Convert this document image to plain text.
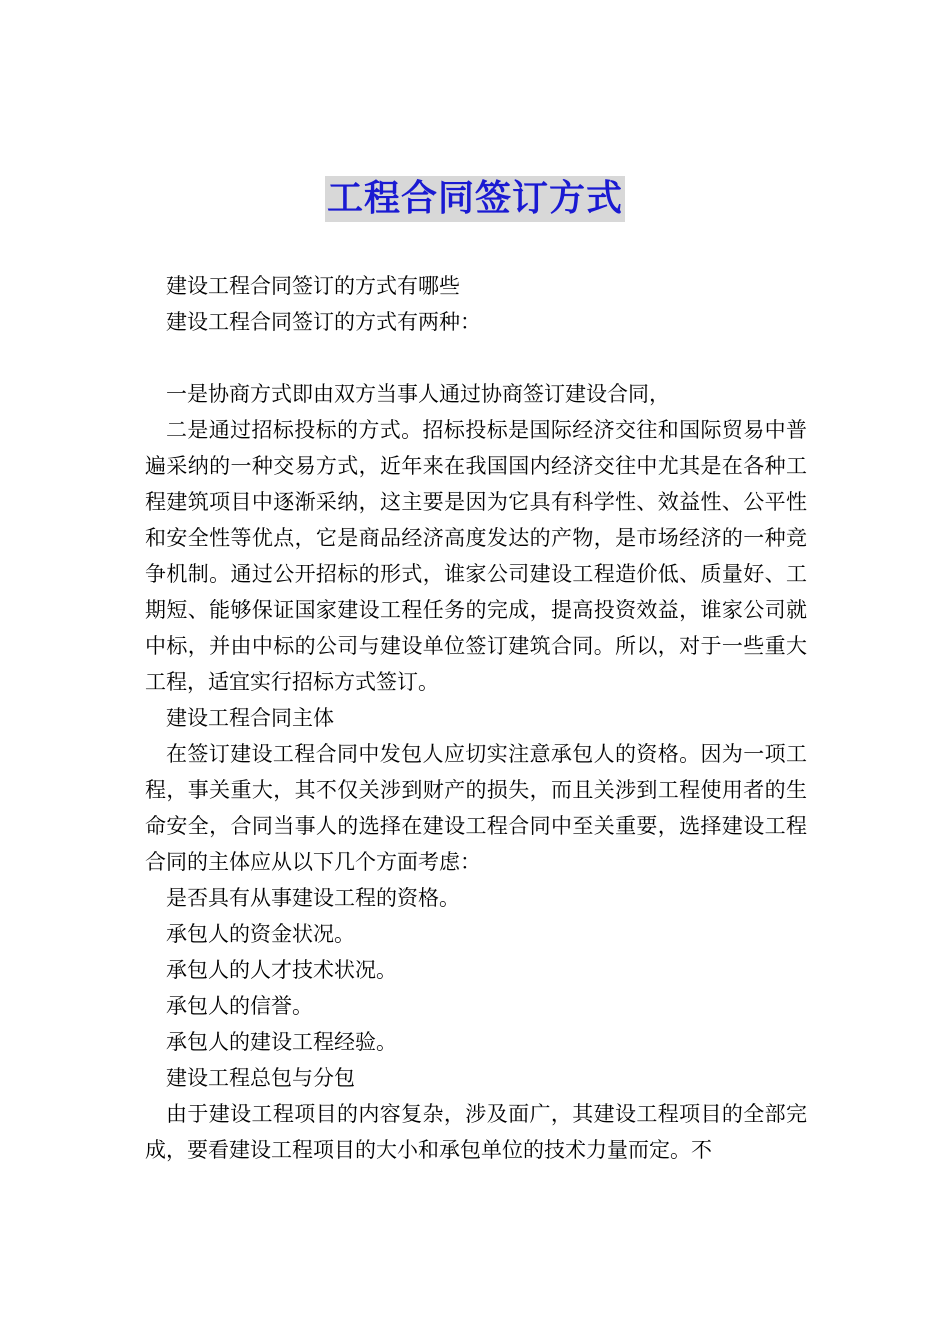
工程合同签订方式

建设工程合同签订的方式有哪些

建设工程合同签订的方式有两种：

一是协商方式即由双方当事人通过协商签订建设合同，

二是通过招标投标的方式。招标投标是国际经济交往和国际贸易中普遍采纳的一种交易方式，近年来在我国国内经济交往中尤其是在各种工程建筑项目中逐渐采纳，这主要是因为它具有科学性、效益性、公平性和安全性等优点，它是商品经济高度发达的产物，是市场经济的一种竞争机制。通过公开招标的形式，谁家公司建设工程造价低、质量好、工期短、能够保证国家建设工程任务的完成，提高投资效益，谁家公司就中标，并由中标的公司与建设单位签订建筑合同。所以，对于一些重大工程，适宜实行招标方式签订。

建设工程合同主体

在签订建设工程合同中发包人应切实注意承包人的资格。因为一项工程，事关重大，其不仅关涉到财产的损失，而且关涉到工程使用者的生命安全，合同当事人的选择在建设工程合同中至关重要，选择建设工程合同的主体应从以下几个方面考虑：

是否具有从事建设工程的资格。

承包人的资金状况。

承包人的人才技术状况。

承包人的信誉。

承包人的建设工程经验。

建设工程总包与分包

由于建设工程项目的内容复杂，涉及面广，其建设工程项目的全部完成，要看建设工程项目的大小和承包单位的技术力量而定。不
